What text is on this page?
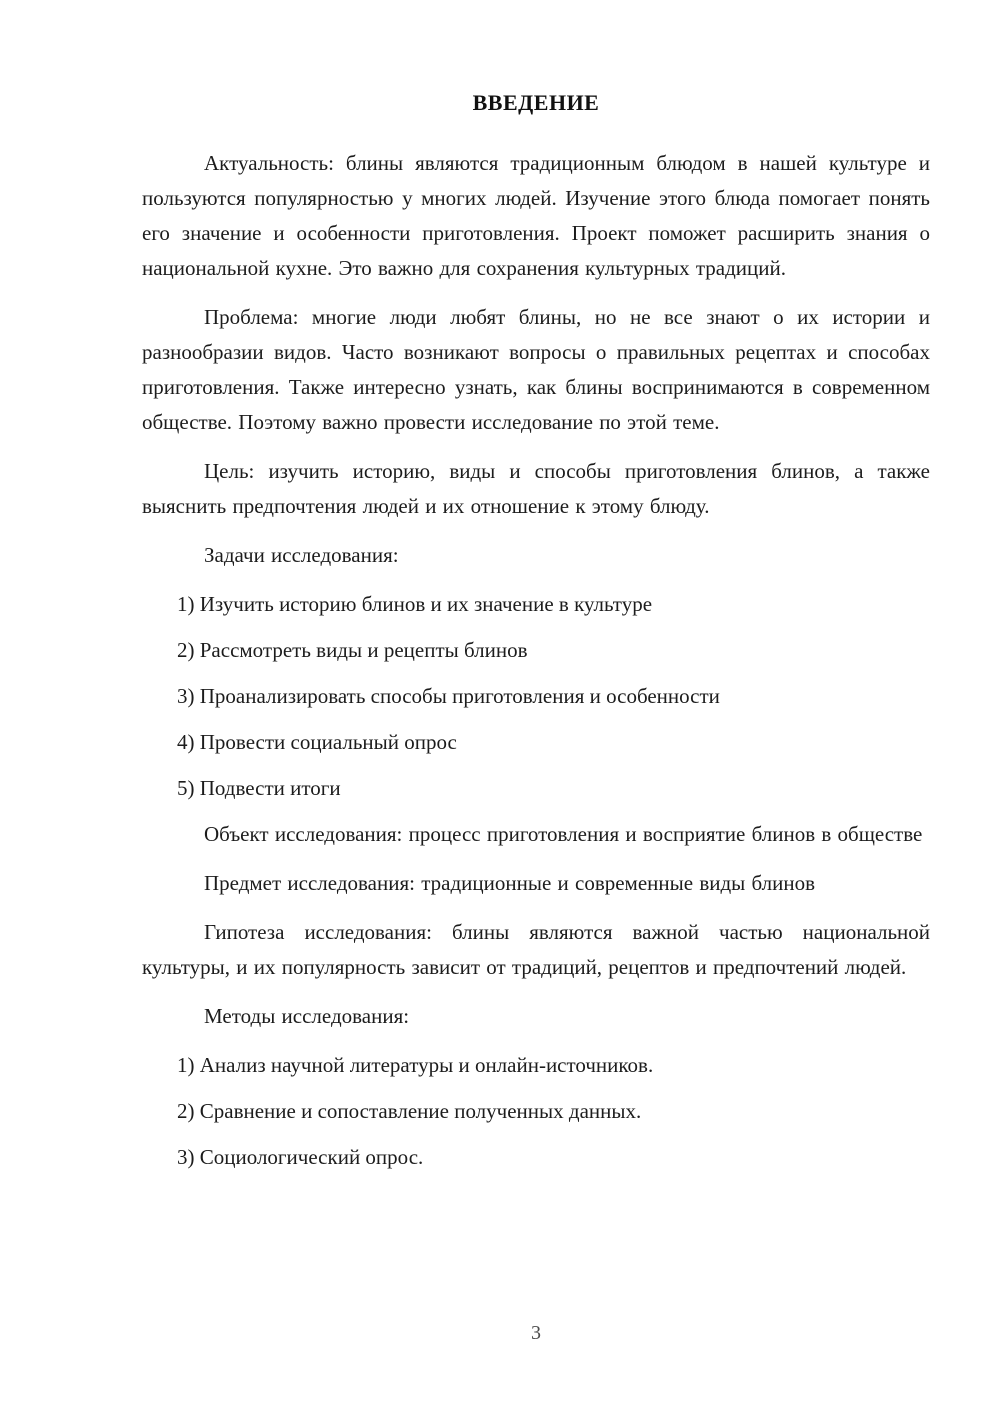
ВВЕДЕНИЕ

Актуальность: блины являются традиционным блюдом в нашей культуре и пользуются популярностью у многих людей. Изучение этого блюда помогает понять его значение и особенности приготовления. Проект поможет расширить знания о национальной кухне. Это важно для сохранения культурных традиций.

Проблема: многие люди любят блины, но не все знают о их истории и разнообразии видов. Часто возникают вопросы о правильных рецептах и способах приготовления. Также интересно узнать, как блины воспринимаются в современном обществе. Поэтому важно провести исследование по этой теме.

Цель: изучить историю, виды и способы приготовления блинов, а также выяснить предпочтения людей и их отношение к этому блюду.

Задачи исследования:

1) Изучить историю блинов и их значение в культуре

2) Рассмотреть виды и рецепты блинов

3) Проанализировать способы приготовления и особенности

4) Провести социальный опрос

5) Подвести итоги

Объект исследования: процесс приготовления и восприятие блинов в обществе

Предмет исследования: традиционные и современные виды блинов

Гипотеза исследования: блины являются важной частью национальной культуры, и их популярность зависит от традиций, рецептов и предпочтений людей.

Методы исследования:

1) Анализ научной литературы и онлайн-источников.

2) Сравнение и сопоставление полученных данных.

3) Социологический опрос.

3
